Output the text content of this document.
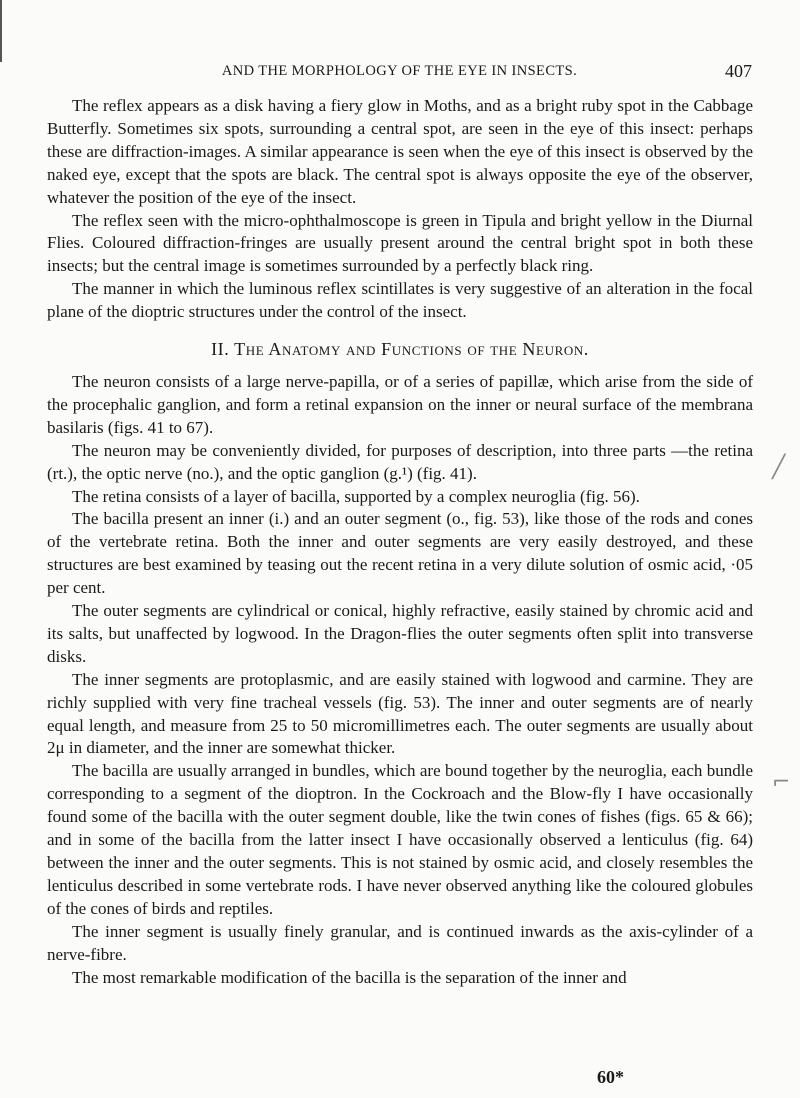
AND THE MORPHOLOGY OF THE EYE IN INSECTS.	407

The reflex appears as a disk having a fiery glow in Moths, and as a bright ruby spot in the Cabbage Butterfly. Sometimes six spots, surrounding a central spot, are seen in the eye of this insect: perhaps these are diffraction-images. A similar appearance is seen when the eye of this insect is observed by the naked eye, except that the spots are black. The central spot is always opposite the eye of the observer, whatever the position of the eye of the insect.

The reflex seen with the micro-ophthalmoscope is green in Tipula and bright yellow in the Diurnal Flies. Coloured diffraction-fringes are usually present around the central bright spot in both these insects; but the central image is sometimes surrounded by a perfectly black ring.

The manner in which the luminous reflex scintillates is very suggestive of an alteration in the focal plane of the dioptric structures under the control of the insect.

II. The Anatomy and Functions of the Neuron.

The neuron consists of a large nerve-papilla, or of a series of papillæ, which arise from the side of the procephalic ganglion, and form a retinal expansion on the inner or neural surface of the membrana basilaris (figs. 41 to 67).

The neuron may be conveniently divided, for purposes of description, into three parts —the retina (rt.), the optic nerve (no.), and the optic ganglion (g.¹) (fig. 41).

The retina consists of a layer of bacilla, supported by a complex neuroglia (fig. 56).

The bacilla present an inner (i.) and an outer segment (o., fig. 53), like those of the rods and cones of the vertebrate retina. Both the inner and outer segments are very easily destroyed, and these structures are best examined by teasing out the recent retina in a very dilute solution of osmic acid, ·05 per cent.

The outer segments are cylindrical or conical, highly refractive, easily stained by chromic acid and its salts, but unaffected by logwood. In the Dragon-flies the outer segments often split into transverse disks.

The inner segments are protoplasmic, and are easily stained with logwood and carmine. They are richly supplied with very fine tracheal vessels (fig. 53). The inner and outer segments are of nearly equal length, and measure from 25 to 50 micromillimetres each. The outer segments are usually about 2μ in diameter, and the inner are somewhat thicker.

The bacilla are usually arranged in bundles, which are bound together by the neuroglia, each bundle corresponding to a segment of the dioptron. In the Cockroach and the Blow-fly I have occasionally found some of the bacilla with the outer segment double, like the twin cones of fishes (figs. 65 & 66); and in some of the bacilla from the latter insect I have occasionally observed a lenticulus (fig. 64) between the inner and the outer segments. This is not stained by osmic acid, and closely resembles the lenticulus described in some vertebrate rods. I have never observed anything like the coloured globules of the cones of birds and reptiles.

The inner segment is usually finely granular, and is continued inwards as the axis-cylinder of a nerve-fibre.

The most remarkable modification of the bacilla is the separation of the inner and

60*
╱
⌐
